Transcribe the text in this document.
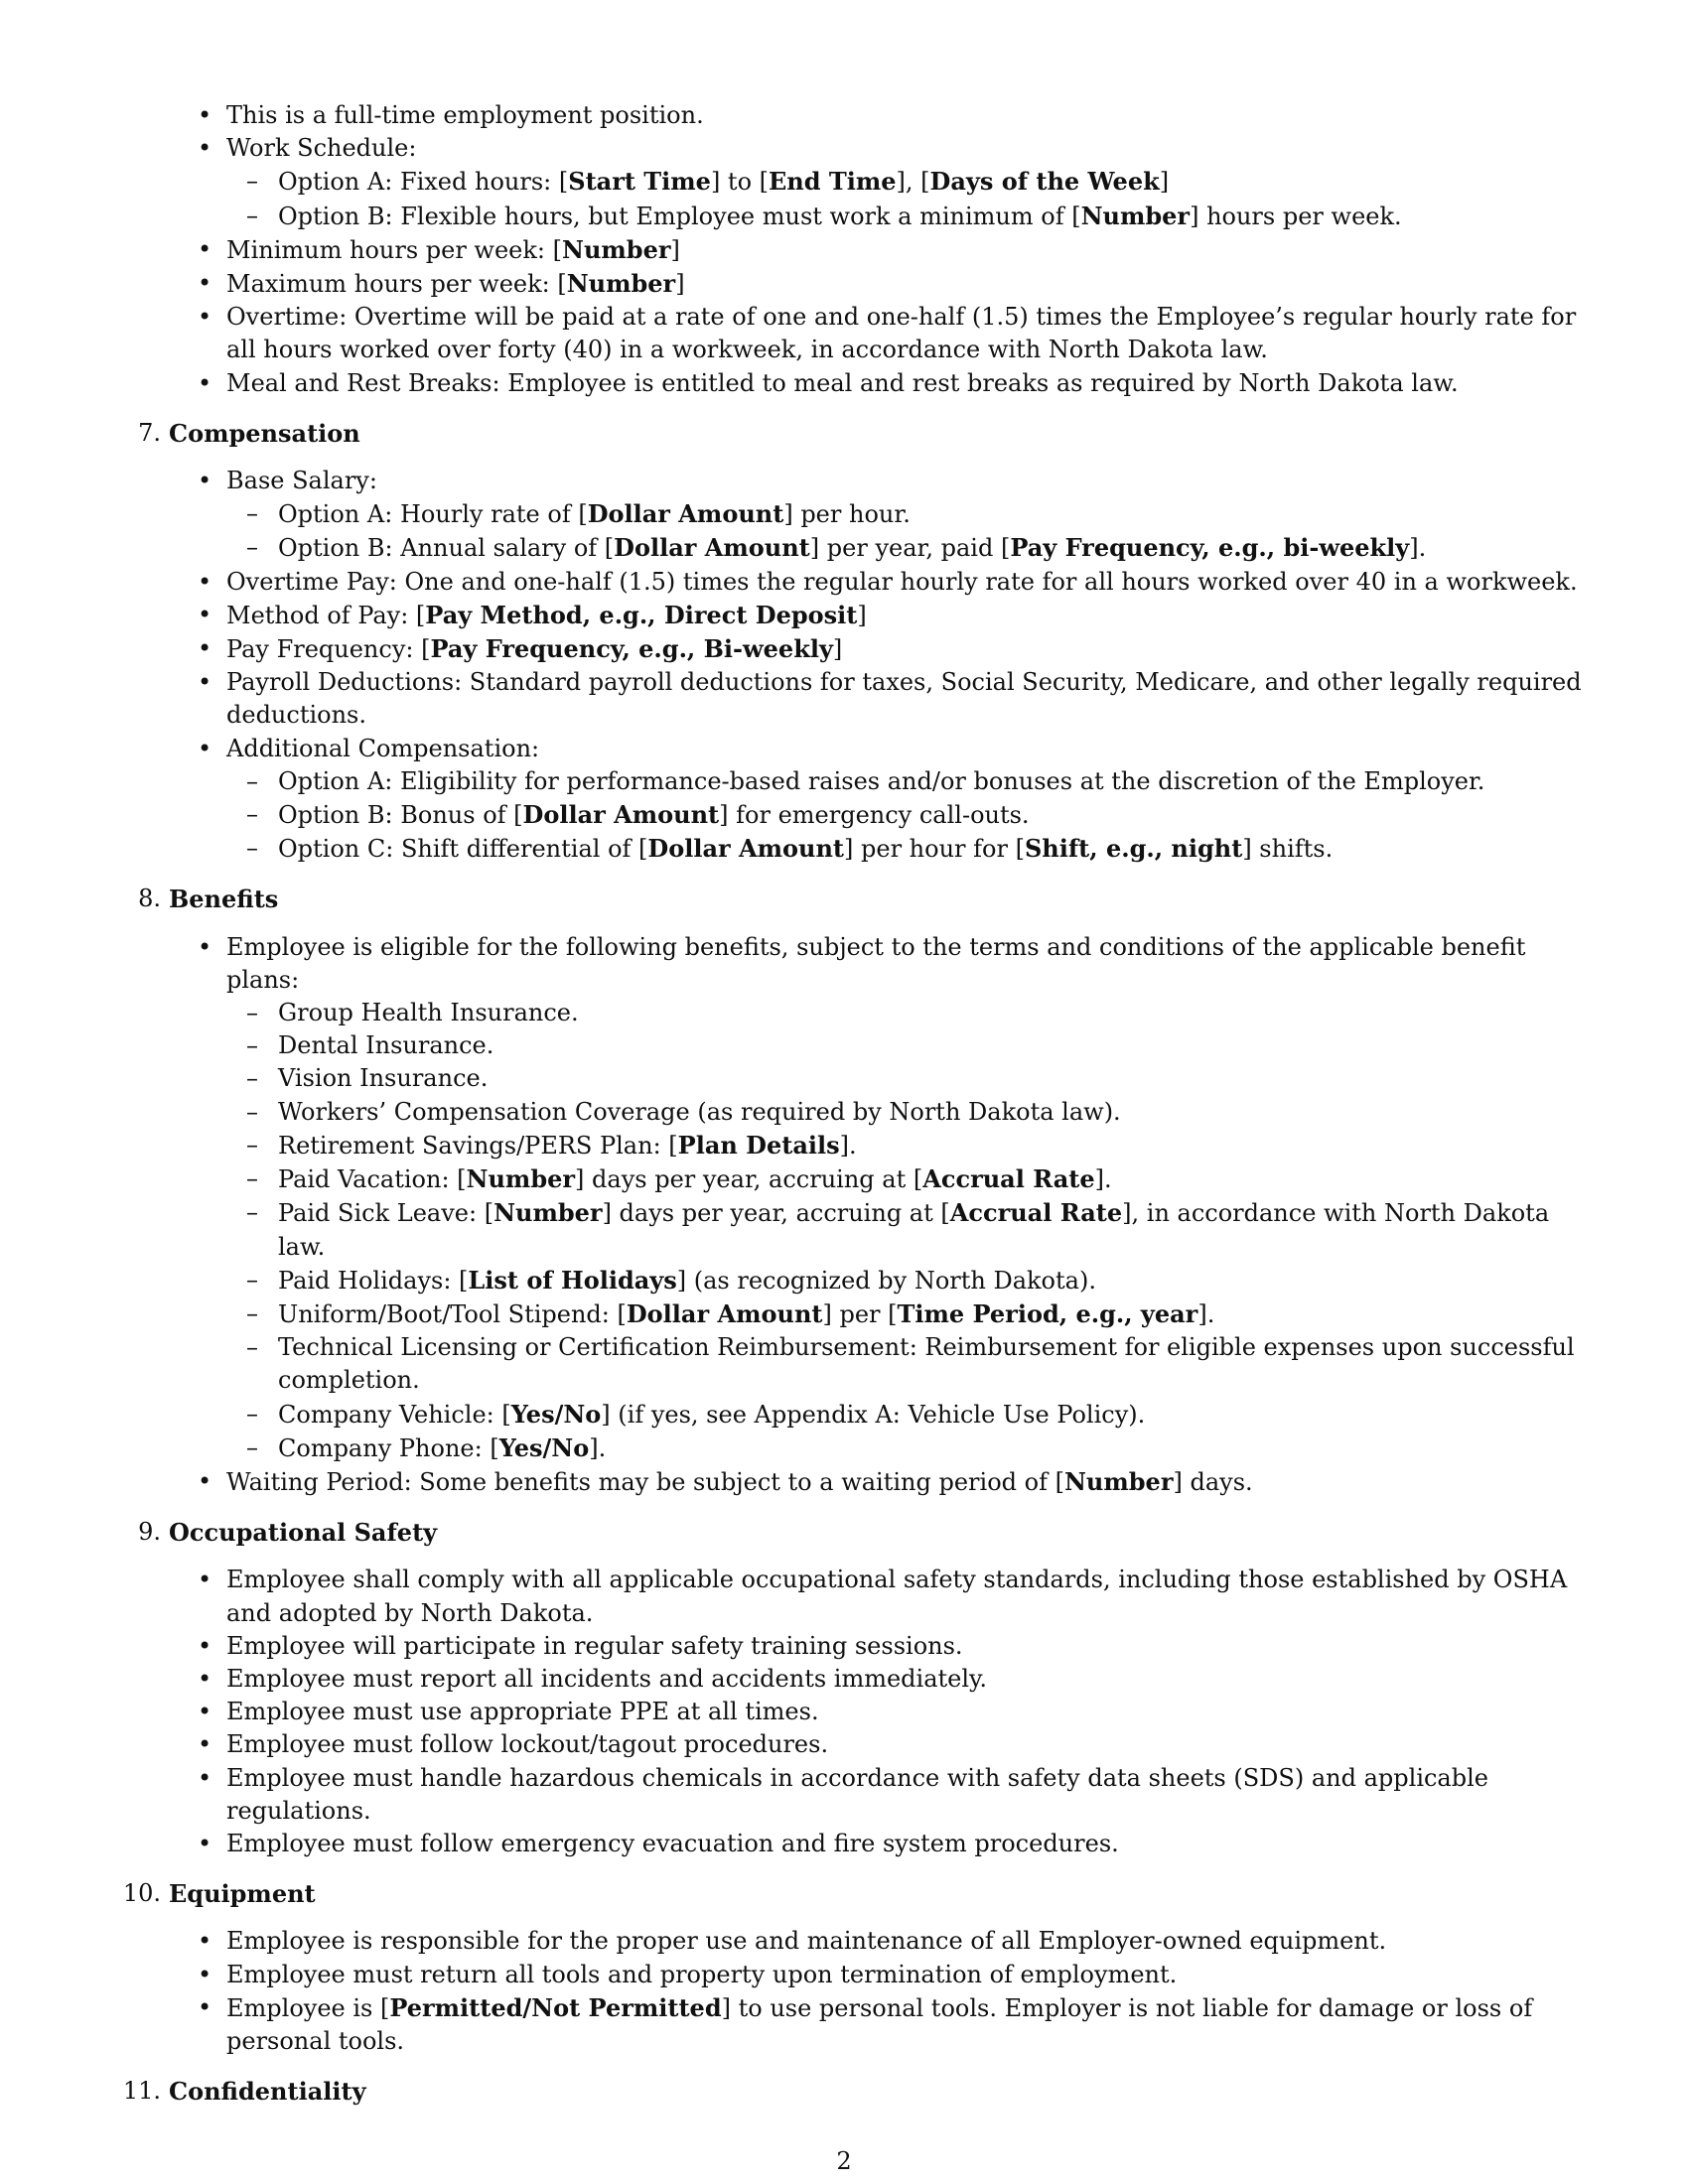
• This is a full-time employment position.
• Work Schedule:
– Option A: Fixed hours: [Start Time] to [End Time], [Days of the Week]
– Option B: Flexible hours, but Employee must work a minimum of [Number] hours per week.
• Minimum hours per week: [Number]
• Maximum hours per week: [Number]
• Overtime: Overtime will be paid at a rate of one and one-half (1.5) times the Employee’s regular hourly rate for all hours worked over forty (40) in a workweek, in accordance with North Dakota law.
• Meal and Rest Breaks: Employee is entitled to meal and rest breaks as required by North Dakota law.
7. Compensation
• Base Salary:
– Option A: Hourly rate of [Dollar Amount] per hour.
– Option B: Annual salary of [Dollar Amount] per year, paid [Pay Frequency, e.g., bi-weekly].
• Overtime Pay: One and one-half (1.5) times the regular hourly rate for all hours worked over 40 in a workweek.
• Method of Pay: [Pay Method, e.g., Direct Deposit]
• Pay Frequency: [Pay Frequency, e.g., Bi-weekly]
• Payroll Deductions: Standard payroll deductions for taxes, Social Security, Medicare, and other legally required deductions.
• Additional Compensation:
– Option A: Eligibility for performance-based raises and/or bonuses at the discretion of the Employer.
– Option B: Bonus of [Dollar Amount] for emergency call-outs.
– Option C: Shift differential of [Dollar Amount] per hour for [Shift, e.g., night] shifts.
8. Benefits
• Employee is eligible for the following benefits, subject to the terms and conditions of the applicable benefit plans:
– Group Health Insurance.
– Dental Insurance.
– Vision Insurance.
– Workers’ Compensation Coverage (as required by North Dakota law).
– Retirement Savings/PERS Plan: [Plan Details].
– Paid Vacation: [Number] days per year, accruing at [Accrual Rate].
– Paid Sick Leave: [Number] days per year, accruing at [Accrual Rate], in accordance with North Dakota law.
– Paid Holidays: [List of Holidays] (as recognized by North Dakota).
– Uniform/Boot/Tool Stipend: [Dollar Amount] per [Time Period, e.g., year].
– Technical Licensing or Certification Reimbursement: Reimbursement for eligible expenses upon successful completion.
– Company Vehicle: [Yes/No] (if yes, see Appendix A: Vehicle Use Policy).
– Company Phone: [Yes/No].
• Waiting Period: Some benefits may be subject to a waiting period of [Number] days.
9. Occupational Safety
• Employee shall comply with all applicable occupational safety standards, including those established by OSHA and adopted by North Dakota.
• Employee will participate in regular safety training sessions.
• Employee must report all incidents and accidents immediately.
• Employee must use appropriate PPE at all times.
• Employee must follow lockout/tagout procedures.
• Employee must handle hazardous chemicals in accordance with safety data sheets (SDS) and applicable regulations.
• Employee must follow emergency evacuation and fire system procedures.
10. Equipment
• Employee is responsible for the proper use and maintenance of all Employer-owned equipment.
• Employee must return all tools and property upon termination of employment.
• Employee is [Permitted/Not Permitted] to use personal tools. Employer is not liable for damage or loss of personal tools.
11. Confidentiality
2
